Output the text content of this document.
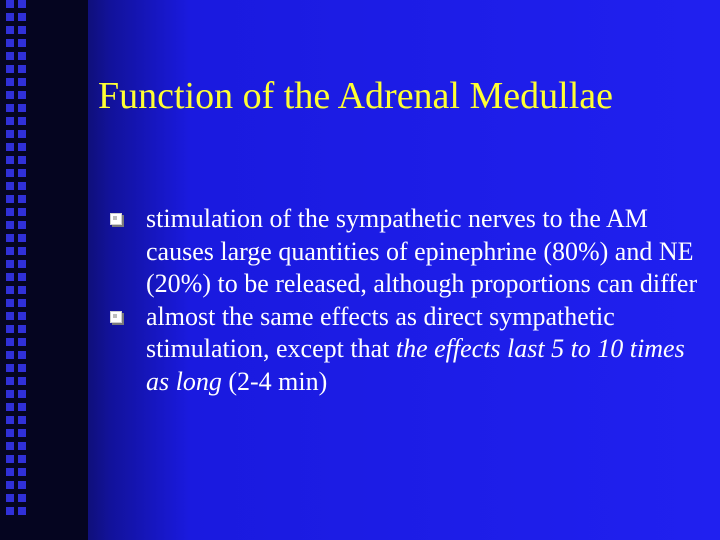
Function of the Adrenal Medullae
stimulation of the sympathetic nerves to the AM causes large quantities of epinephrine (80%) and NE (20%) to be released, although proportions can differ
almost the same effects as direct sympathetic stimulation, except that the effects last 5 to 10 times as long (2-4 min)
